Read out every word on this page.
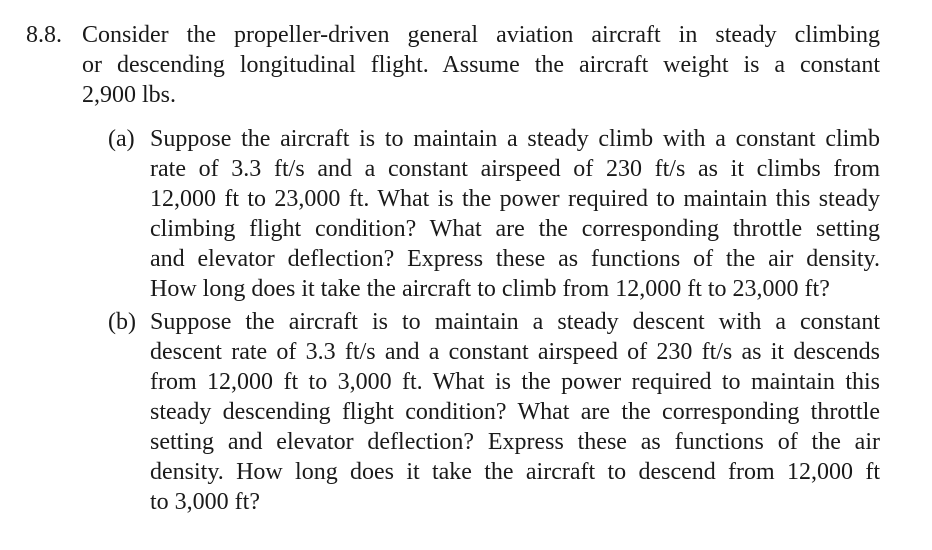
8.8. Consider the propeller-driven general aviation aircraft in steady climbing
or descending longitudinal flight. Assume the aircraft weight is a constant
2,900 lbs.
(a) Suppose the aircraft is to maintain a steady climb with a constant climb
rate of 3.3 ft/s and a constant airspeed of 230 ft/s as it climbs from
12,000 ft to 23,000 ft. What is the power required to maintain this steady
climbing flight condition? What are the corresponding throttle setting
and elevator deflection? Express these as functions of the air density.
How long does it take the aircraft to climb from 12,000 ft to 23,000 ft?
(b) Suppose the aircraft is to maintain a steady descent with a constant
descent rate of 3.3 ft/s and a constant airspeed of 230 ft/s as it descends
from 12,000 ft to 3,000 ft. What is the power required to maintain this
steady descending flight condition? What are the corresponding throttle
setting and elevator deflection? Express these as functions of the air
density. How long does it take the aircraft to descend from 12,000 ft
to 3,000 ft?
